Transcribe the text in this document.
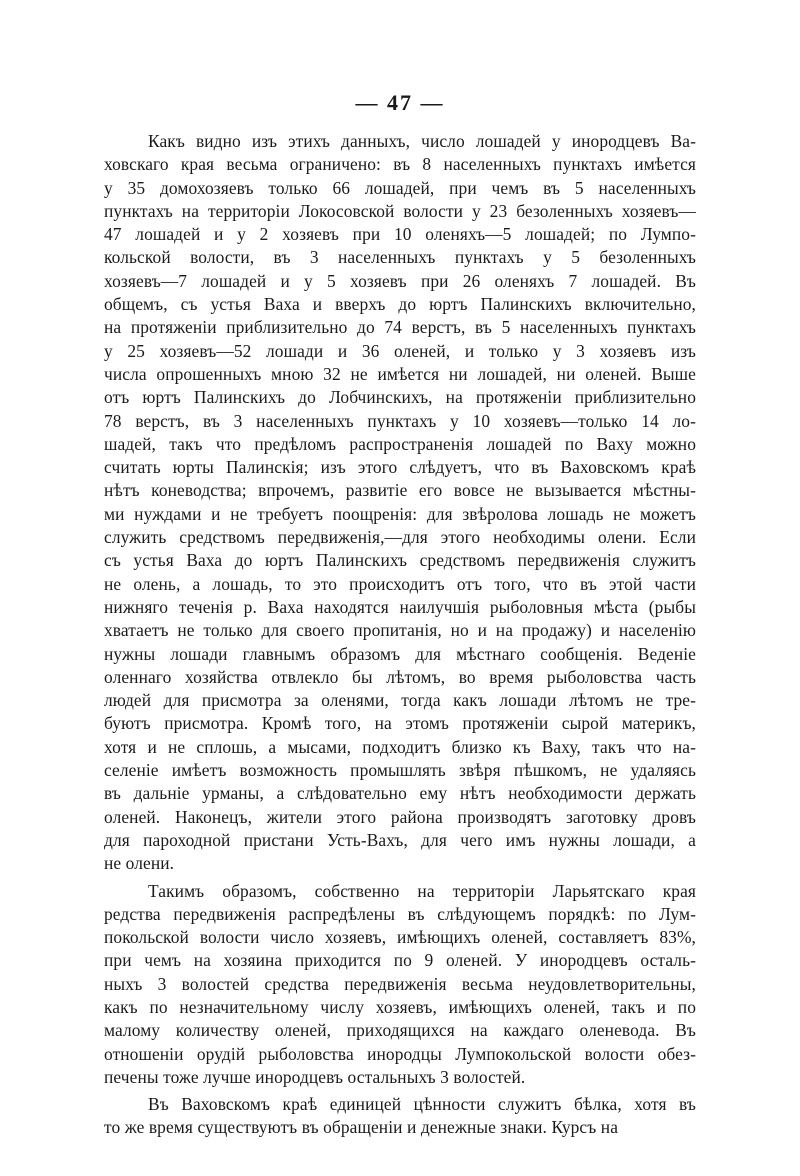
— 47 —
Какъ видно изъ этихъ данныхъ, число лошадей у инородцевъ Ва-
ховскаго края весьма ограничено: въ 8 населенныхъ пунктахъ имѣется
у 35 домохозяевъ только 66 лошадей, при чемъ въ 5 населенныхъ
пунктахъ на территоріи Локосовской волости у 23 безоленныхъ хозяевъ—
47 лошадей и у 2 хозяевъ при 10 оленяхъ—5 лошадей; по Лумпо-
кольской волости, въ 3 населенныхъ пунктахъ у 5 безоленныхъ
хозяевъ—7 лошадей и у 5 хозяевъ при 26 оленяхъ 7 лошадей. Въ
общемъ, съ устья Ваха и вверхъ до юртъ Палинскихъ включительно,
на протяженіи приблизительно до 74 верстъ, въ 5 населенныхъ пунктахъ
у 25 хозяевъ—52 лошади и 36 оленей, и только у 3 хозяевъ изъ
числа опрошенныхъ мною 32 не имѣется ни лошадей, ни оленей. Выше
отъ юртъ Палинскихъ до Лобчинскихъ, на протяженіи приблизительно
78 верстъ, въ 3 населенныхъ пунктахъ у 10 хозяевъ—только 14 ло-
шадей, такъ что предѣломъ распространенія лошадей по Ваху можно
считать юрты Палинскія; изъ этого слѣдуетъ, что въ Ваховскомъ краѣ
нѣтъ коневодства; впрочемъ, развитіе его вовсе не вызывается мѣстны-
ми нуждами и не требуетъ поощренія: для звѣролова лошадь не можетъ
служить средствомъ передвиженія,—для этого необходимы олени. Если
съ устья Ваха до юртъ Палинскихъ средствомъ передвиженія служитъ
не олень, а лошадь, то это происходитъ отъ того, что въ этой части
нижняго теченія р. Ваха находятся наилучшія рыболовныя мѣста (рыбы
хватаетъ не только для своего пропитанія, но и на продажу) и населенію
нужны лошади главнымъ образомъ для мѣстнаго сообщенія. Веденіе
оленнаго хозяйства отвлекло бы лѣтомъ, во время рыболовства часть
людей для присмотра за оленями, тогда какъ лошади лѣтомъ не тре-
буютъ присмотра. Кромѣ того, на этомъ протяженіи сырой материкъ,
хотя и не сплошь, а мысами, подходитъ близко къ Ваху, такъ что на-
селеніе имѣетъ возможность промышлять звѣря пѣшкомъ, не удаляясь
въ дальніе урманы, а слѣдовательно ему нѣтъ необходимости держать
оленей. Наконецъ, жители этого района производятъ заготовку дровъ
для пароходной пристани Усть-Вахъ, для чего имъ нужны лошади, а
не олени.
Такимъ образомъ, собственно на территоріи Ларьятскаго края
редства передвиженія распредѣлены въ слѣдующемъ порядкѣ: по Лум-
покольской волости число хозяевъ, имѣющихъ оленей, составляетъ 83%,
при чемъ на хозяина приходится по 9 оленей. У инородцевъ осталь-
ныхъ 3 волостей средства передвиженія весьма неудовлетворительны,
какъ по незначительному числу хозяевъ, имѣющихъ оленей, такъ и по
малому количеству оленей, приходящихся на каждаго оленевода. Въ
отношеніи орудій рыболовства инородцы Лумпокольской волости обез-
печены тоже лучше инородцевъ остальныхъ 3 волостей.
Въ Ваховскомъ краѣ единицей цѣнности служитъ бѣлка, хотя въ
то же время существуютъ въ обращеніи и денежные знаки. Курсъ на
